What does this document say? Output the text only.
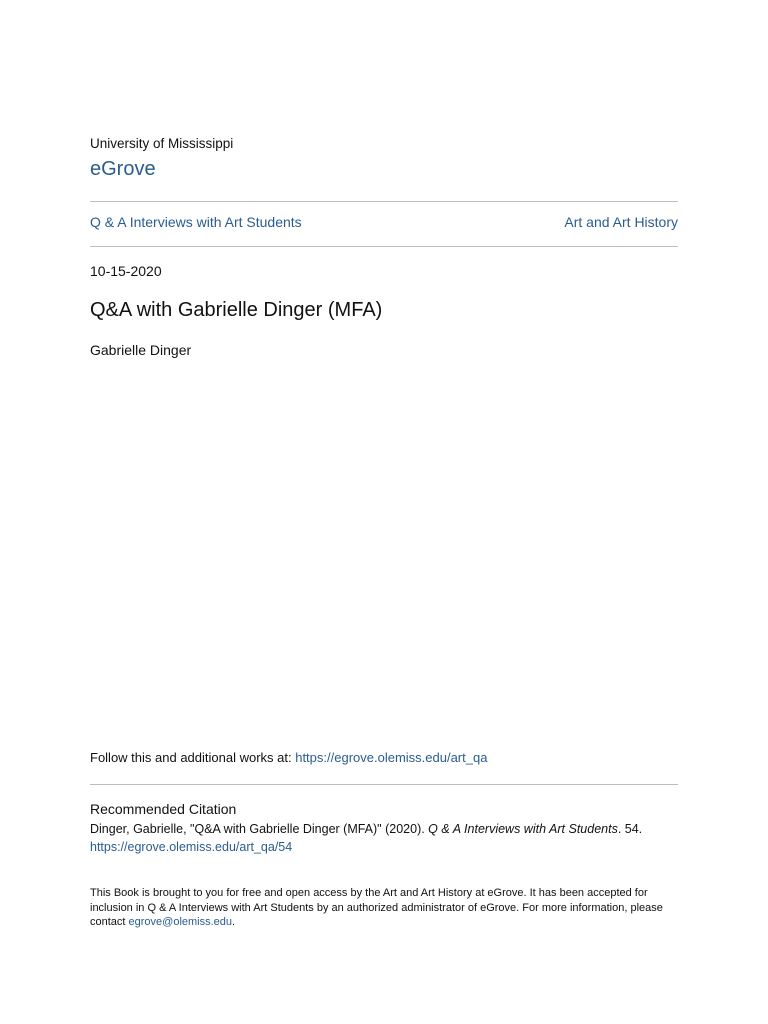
University of Mississippi
eGrove
Q & A Interviews with Art Students	Art and Art History
10-15-2020
Q&A with Gabrielle Dinger (MFA)
Gabrielle Dinger
Follow this and additional works at: https://egrove.olemiss.edu/art_qa
Recommended Citation
Dinger, Gabrielle, "Q&A with Gabrielle Dinger (MFA)" (2020). Q & A Interviews with Art Students. 54.
https://egrove.olemiss.edu/art_qa/54
This Book is brought to you for free and open access by the Art and Art History at eGrove. It has been accepted for inclusion in Q & A Interviews with Art Students by an authorized administrator of eGrove. For more information, please contact egrove@olemiss.edu.
